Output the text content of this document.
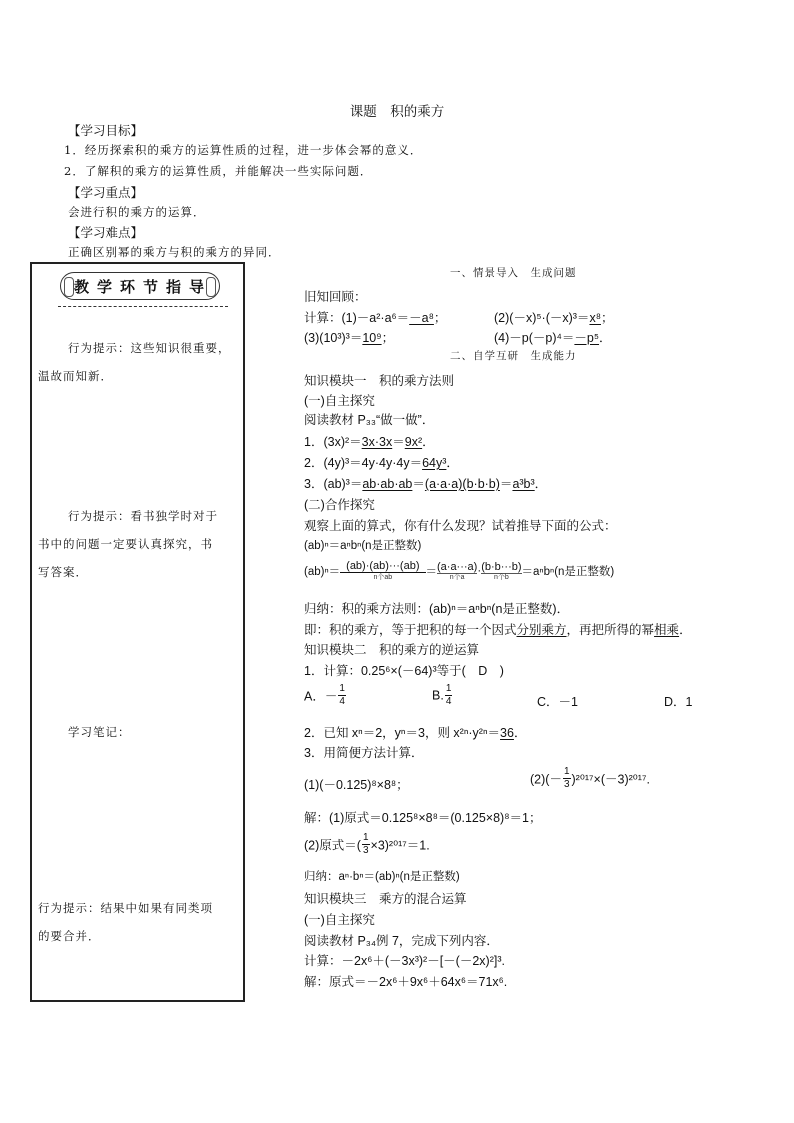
课题　积的乘方
【学习目标】
1．经历探索积的乘方的运算性质的过程，进一步体会幂的意义．
2．了解积的乘方的运算性质，并能解决一些实际问题．
【学习重点】
会进行积的乘方的运算．
【学习难点】
正确区别幂的乘方与积的乘方的异同．
教 学 环 节 指 导
行为提示：这些知识很重要，
温故而知新．
行为提示：看书独学时对于
书中的问题一定要认真探究，书
写答案．
学习笔记：
行为提示：结果中如果有同类项
的要合并．
一、情景导入　生成问题
旧知回顾：
计算：(1)－a²·a⁶＝－a⁸；	(2)(－x)⁵·(－x)³＝x⁸；
(3)(10³)³＝10⁹；	(4)－p(－p)⁴＝－p⁵．
二、自学互研　生成能力
知识模块一　积的乘方法则
(一)自主探究
阅读教材 P₃₃“做一做”．
1．(3x)²＝3x·3x＝9x²．
2．(4y)³＝4y·4y·4y＝64y³．
3．(ab)³＝ab·ab·ab＝(a·a·a)(b·b·b)＝a³b³．
(二)合作探究
观察上面的算式，你有什么发现？试着推导下面的公式：
(ab)ⁿ＝aⁿbⁿ(n是正整数)
(ab)ⁿ＝ (ab)·(ab)···(ab)
n个ab	＝ (a·a···a)
n个a	· (b·b···b)
n个b	＝aⁿbⁿ(n是正整数)
归纳：积的乘方法则：(ab)ⁿ＝aⁿbⁿ(n是正整数)．
即：积的乘方，等于把积的每一个因式分别乘方，再把所得的幂相乘．
知识模块二　积的乘方的逆运算
1．计算：0.25⁶×(－64)³等于(　D　)
A．－ $\frac{1}{4}$	B. $\frac{1}{4}$	C．－1	D．1
2．已知 xⁿ＝2，yⁿ＝3，则 x²ⁿ·y²ⁿ＝36．
3．用简便方法计算．
(1)(－0.125)⁸×8⁸；	$(2)(- \frac{1}{3} )^{2017}\times(-3)^{2017}$.
解：(1)原式＝0.125⁸×8⁸＝(0.125×8)⁸＝1；
(2)原式＝( $\frac{1}{3} \times 3)^{2017}=1$.
归纳：aⁿ·bⁿ＝(ab)ⁿ(n是正整数)
知识模块三　乘方的混合运算
(一)自主探究
阅读教材 P₃₄例 7，完成下列内容．
计算：－2x⁶＋(－3x³)²－[－(－2x)²]³.
解：原式＝－2x⁶＋9x⁶＋64x⁶＝71x⁶.
